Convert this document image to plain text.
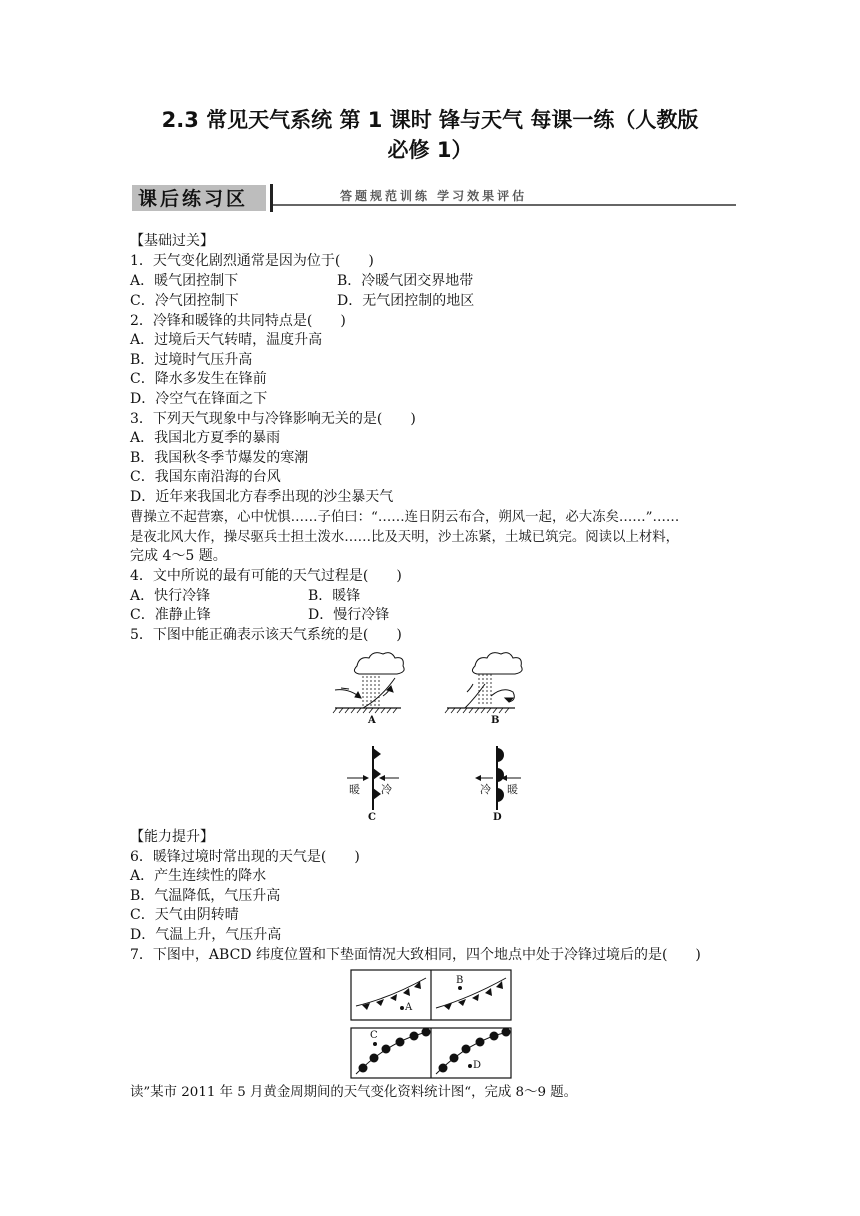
2.3 常见天气系统 第 1 课时 锋与天气 每课一练（人教版
必修 1）
课后练习区	答题规范训练 学习效果评估
【基础过关】
1．天气变化剧烈通常是因为位于(　　)
A．暖气团控制下	B．冷暖气团交界地带
C．冷气团控制下	D．无气团控制的地区
2．冷锋和暖锋的共同特点是(　　)
A．过境后天气转晴，温度升高
B．过境时气压升高
C．降水多发生在锋前
D．冷空气在锋面之下
3．下列天气现象中与冷锋影响无关的是(　　)
A．我国北方夏季的暴雨
B．我国秋冬季节爆发的寒潮
C．我国东南沿海的台风
D．近年来我国北方春季出现的沙尘暴天气
曹操立不起营寨，心中忧惧……子伯曰：“……连日阴云布合，朔风一起，必大冻矣……”……
是夜北风大作，操尽驱兵士担土泼水……比及天明，沙土冻紧，土城已筑完。阅读以上材料，
完成 4～5 题。
4．文中所说的最有可能的天气过程是(　　)
A．快行冷锋	B．暖锋
C．准静止锋	D．慢行冷锋
5．下图中能正确表示该天气系统的是(　　)
A	B
C	D
暖 冷	冷 暖
【能力提升】
6．暖锋过境时常出现的天气是(　　)
A．产生连续性的降水
B．气温降低，气压升高
C．天气由阴转晴
D．气温上升，气压升高
7．下图中，ABCD 纬度位置和下垫面情况大致相同，四个地点中处于冷锋过境后的是(　　)
A
B
C
D
读”某市 2011 年 5 月黄金周期间的天气变化资料统计图“，完成 8～9 题。
